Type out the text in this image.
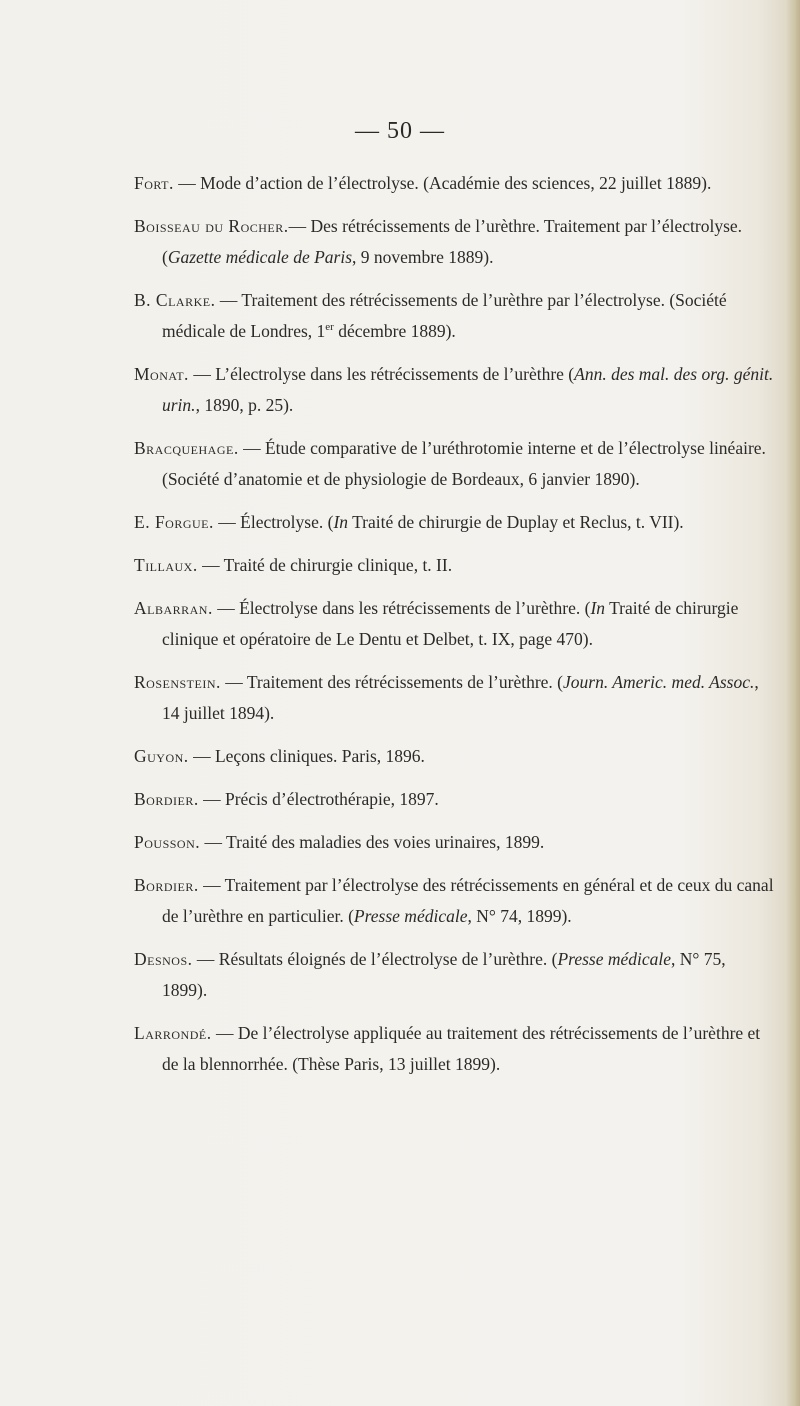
— 50 —

Fort. — Mode d’action de l’électrolyse. (Académie des sciences, 22 juillet 1889).

Boisseau du Rocher.— Des rétrécissements de l’urèthre. Traitement par l’électrolyse. (Gazette médicale de Paris, 9 novembre 1889).

B. Clarke. — Traitement des rétrécissements de l’urèthre par l’électrolyse. (Société médicale de Londres, 1er décembre 1889).

Monat. — L’électrolyse dans les rétrécissements de l’urèthre (Ann. des mal. des org. génit. urin., 1890, p. 25).

Bracquehage. — Étude comparative de l’uréthrotomie interne et de l’électrolyse linéaire. (Société d’anatomie et de physiologie de Bordeaux, 6 janvier 1890).

E. Forgue. — Électrolyse. (In Traité de chirurgie de Duplay et Reclus, t. VII).

Tillaux. — Traité de chirurgie clinique, t. II.

Albarran. — Électrolyse dans les rétrécissements de l’urèthre. (In Traité de chirurgie clinique et opératoire de Le Dentu et Delbet, t. IX, page 470).

Rosenstein. — Traitement des rétrécissements de l’urèthre. (Journ. Americ. med. Assoc., 14 juillet 1894).

Guyon. — Leçons cliniques. Paris, 1896.

Bordier. — Précis d’électrothérapie, 1897.

Pousson. — Traité des maladies des voies urinaires, 1899.

Bordier. — Traitement par l’électrolyse des rétrécissements en général et de ceux du canal de l’urèthre en particulier. (Presse médicale, N° 74, 1899).

Desnos. — Résultats éloignés de l’électrolyse de l’urèthre. (Presse médicale, N° 75, 1899).

Larrondé. — De l’électrolyse appliquée au traitement des rétrécissements de l’urèthre et de la blennorrhée. (Thèse Paris, 13 juillet 1899).
